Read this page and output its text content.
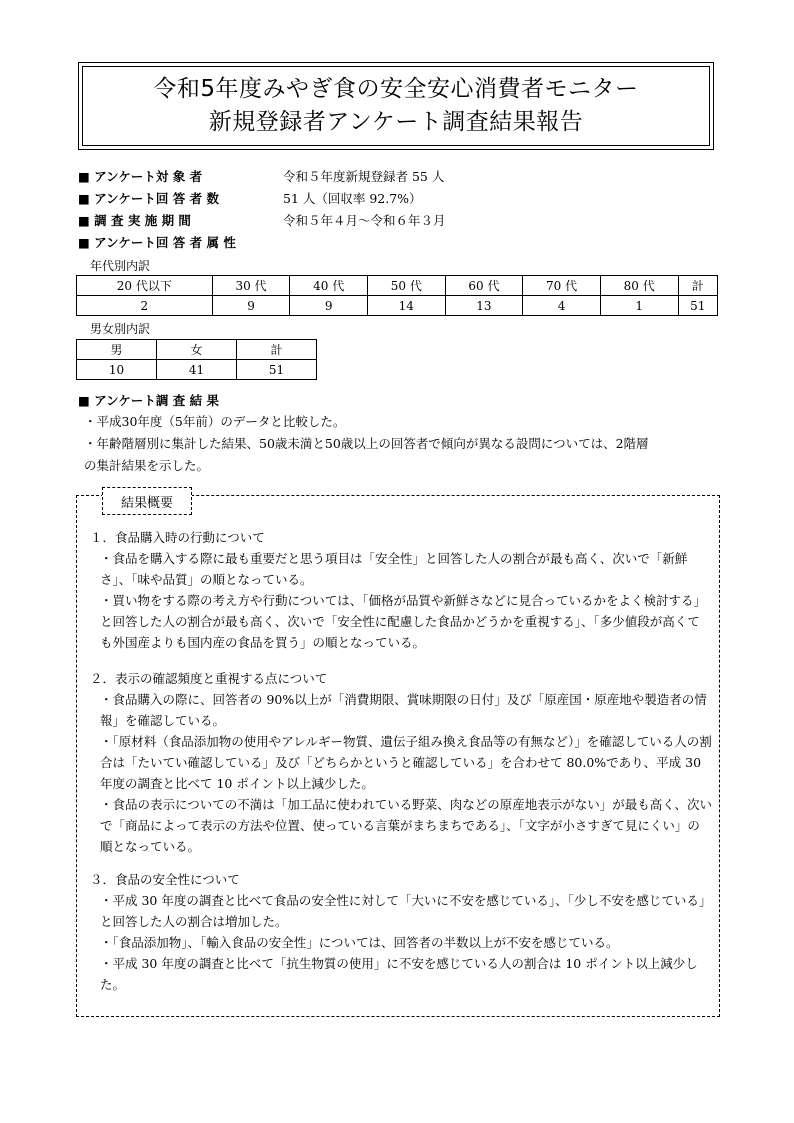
令和5年度みやぎ食の安全安心消費者モニター
新規登録者アンケート調査結果報告
■ アンケート対 象 者	令和５年度新規登録者 55 人
■ アンケート回 答 者 数	51 人（回収率 92.7%）
■ 調 査 実 施 期 間	令和５年４月～令和６年３月
■ アンケート回 答 者 属 性
年代別内訳
20 代以下	30 代	40 代	50 代	60 代	70 代	80 代	計
2	9	9	14	13	4	1	51
男女別内訳
男	女	計
10	41	51
■ アンケート調 査 結 果
・平成30年度（5年前）のデータと比較した。
・年齢階層別に集計した結果、50歳未満と50歳以上の回答者で傾向が異なる設問については、2階層
の集計結果を示した。
結果概要
１．食品購入時の行動について
・食品を購入する際に最も重要だと思う項目は「安全性」と回答した人の割合が最も高く、次いで「新鮮さ」、「味や品質」の順となっている。
・買い物をする際の考え方や行動については、「価格が品質や新鮮さなどに見合っているかをよく検討する」と回答した人の割合が最も高く、次いで「安全性に配慮した食品かどうかを重視する」、「多少値段が高くても外国産よりも国内産の食品を買う」の順となっている。
２．表示の確認頻度と重視する点について
・食品購入の際に、回答者の 90%以上が「消費期限、賞味期限の日付」及び「原産国・原産地や製造者の情報」を確認している。
・「原材料（食品添加物の使用やアレルギー物質、遺伝子組み換え食品等の有無など）」を確認している人の割合は「たいてい確認している」及び「どちらかというと確認している」を合わせて 80.0%であり、平成 30 年度の調査と比べて 10 ポイント以上減少した。
・食品の表示についての不満は「加工品に使われている野菜、肉などの原産地表示がない」が最も高く、次いで「商品によって表示の方法や位置、使っている言葉がまちまちである」、「文字が小さすぎて見にくい」の順となっている。
３．食品の安全性について
・平成 30 年度の調査と比べて食品の安全性に対して「大いに不安を感じている」、「少し不安を感じている」と回答した人の割合は増加した。
・「食品添加物」、「輸入食品の安全性」については、回答者の半数以上が不安を感じている。
・平成 30 年度の調査と比べて「抗生物質の使用」に不安を感じている人の割合は 10 ポイント以上減少した。
